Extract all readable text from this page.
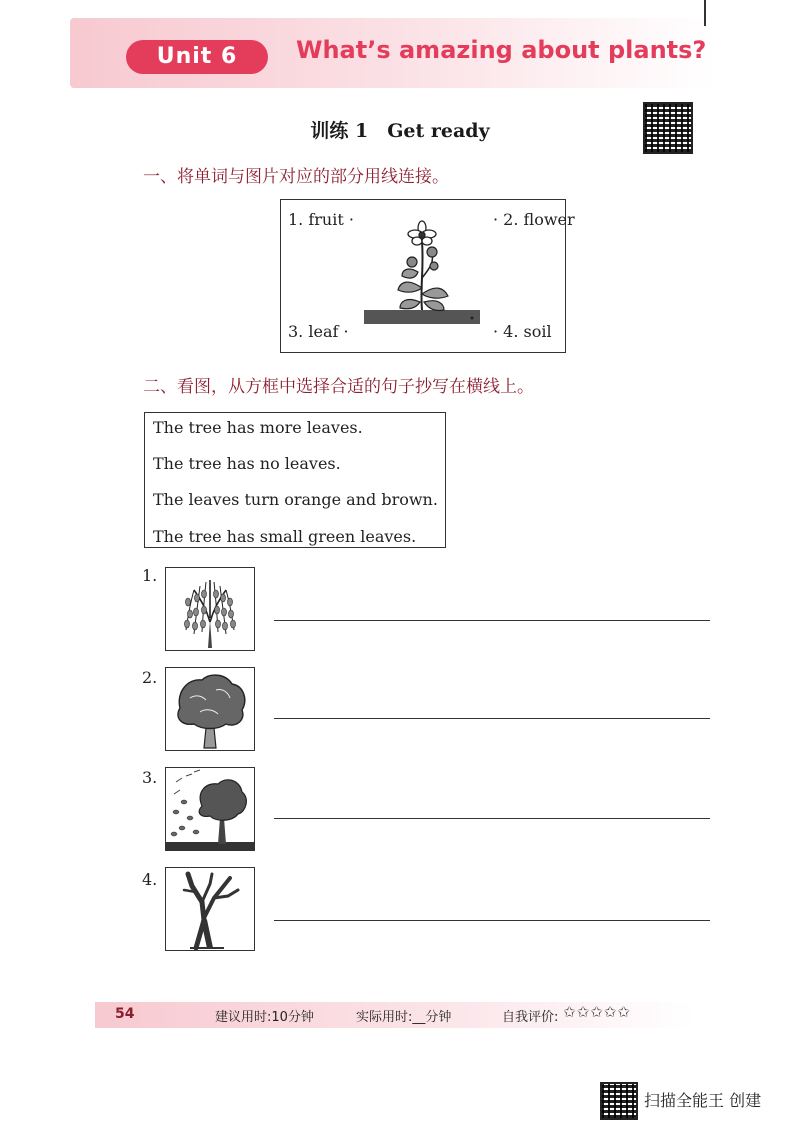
Unit 6	What’s amazing about plants?
训练 1　Get ready
一、将单词与图片对应的部分用线连接。
1. fruit ·	· 2. flower
3. leaf ·	· 4. soil
二、看图，从方框中选择合适的句子抄写在横线上。
The tree has more leaves.
The tree has no leaves.
The leaves turn orange and brown.
The tree has small green leaves.
1.
2.
3.
4.
54	建议用时:10分钟	实际用时:__分钟	自我评价: ✩✩✩✩✩
扫描全能王 创建
